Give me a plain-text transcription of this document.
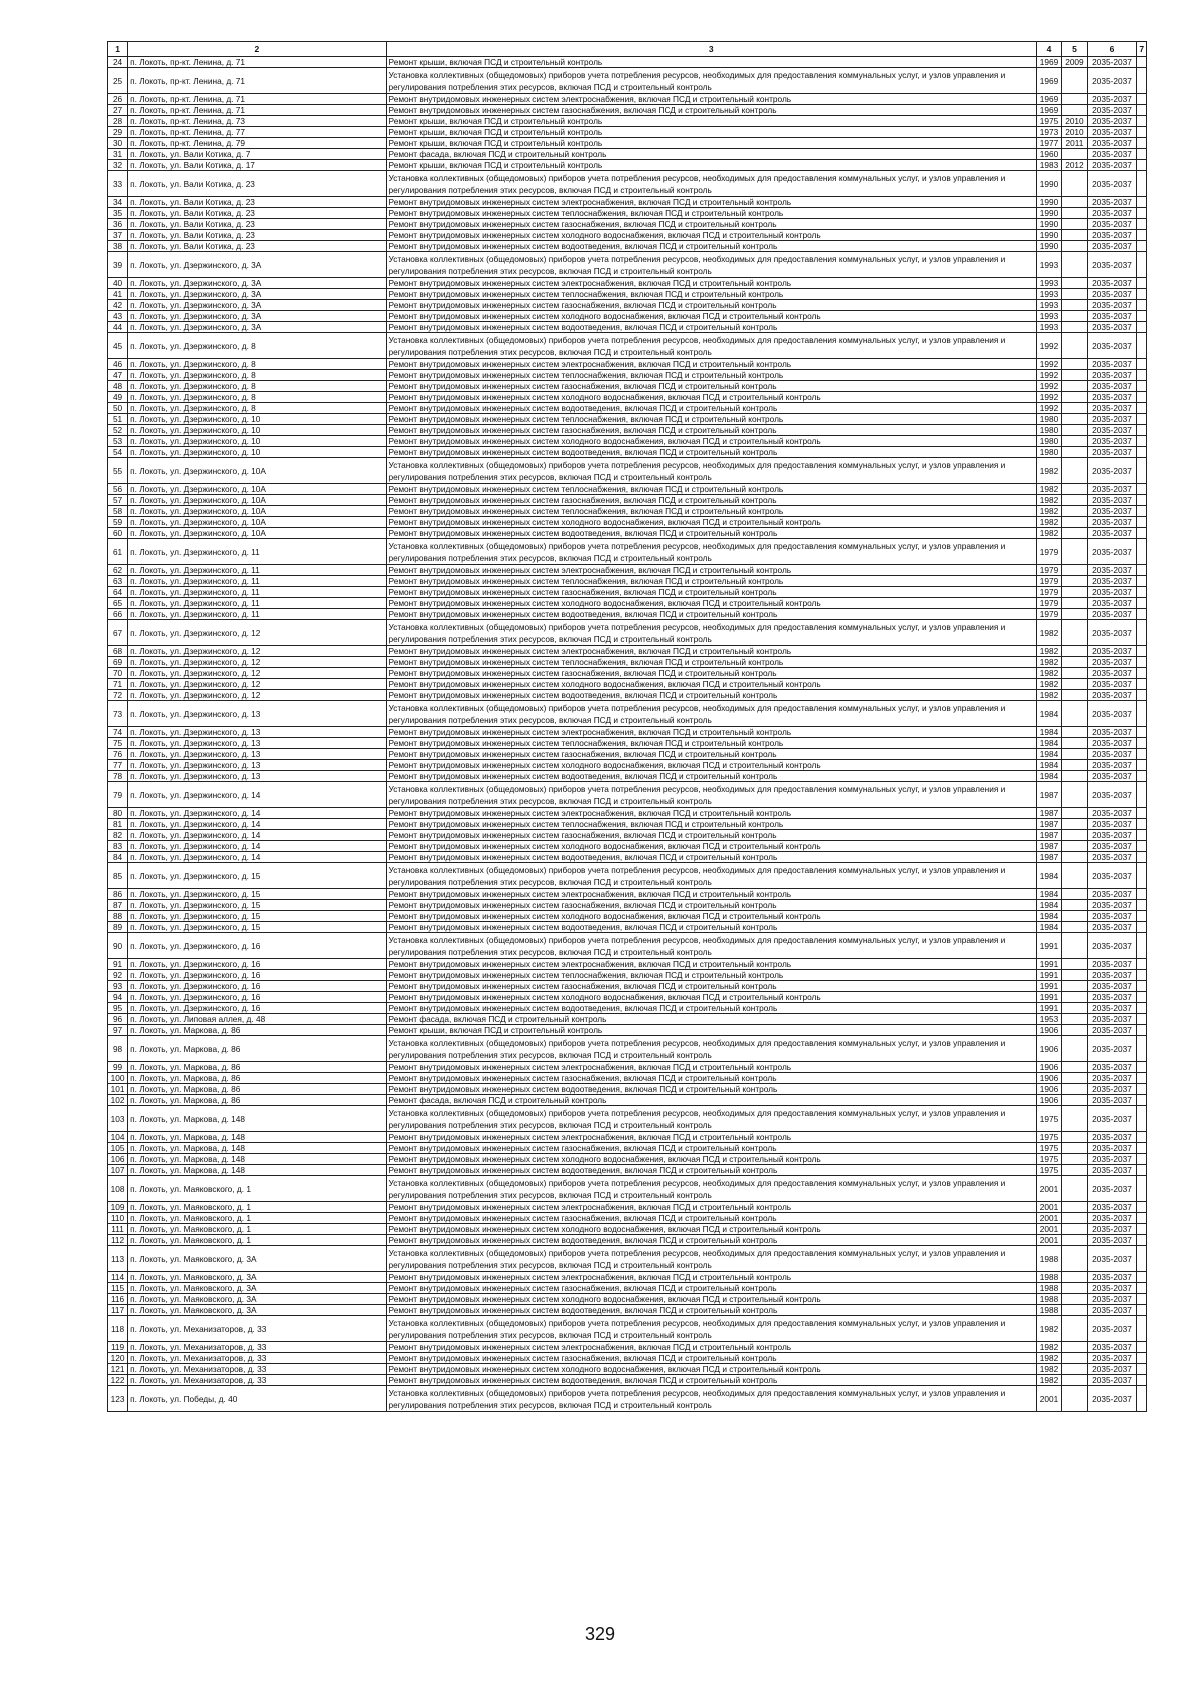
1	2	3	4	5	6	7
24	п. Локоть, пр-кт. Ленина, д. 71	Ремонт крыши, включая ПСД и строительный контроль	1969	2009	2035-2037	
25	п. Локоть, пр-кт. Ленина, д. 71	Установка коллективных (общедомовых) приборов учета потребления ресурсов, необходимых для предоставления коммунальных услуг, и узлов управления и регулирования потребления этих ресурсов, включая ПСД и строительный контроль	1969		2035-2037	
26	п. Локоть, пр-кт. Ленина, д. 71	Ремонт внутридомовых инженерных систем электроснабжения, включая ПСД и строительный контроль	1969		2035-2037	
27	п. Локоть, пр-кт. Ленина, д. 71	Ремонт внутридомовых инженерных систем газоснабжения, включая ПСД и строительный контроль	1969		2035-2037	
28	п. Локоть, пр-кт. Ленина, д. 73	Ремонт крыши, включая ПСД и строительный контроль	1975	2010	2035-2037	
29	п. Локоть, пр-кт. Ленина, д. 77	Ремонт крыши, включая ПСД и строительный контроль	1973	2010	2035-2037	
30	п. Локоть, пр-кт. Ленина, д. 79	Ремонт крыши, включая ПСД и строительный контроль	1977	2011	2035-2037	
31	п. Локоть, ул. Вали Котика, д. 7	Ремонт фасада, включая ПСД и строительный контроль	1960		2035-2037	
32	п. Локоть, ул. Вали Котика, д. 17	Ремонт крыши, включая ПСД и строительный контроль	1983	2012	2035-2037	
33	п. Локоть, ул. Вали Котика, д. 23	Установка коллективных (общедомовых) приборов учета потребления ресурсов, необходимых для предоставления коммунальных услуг, и узлов управления и регулирования потребления этих ресурсов, включая ПСД и строительный контроль	1990		2035-2037	
34	п. Локоть, ул. Вали Котика, д. 23	Ремонт внутридомовых инженерных систем электроснабжения, включая ПСД и строительный контроль	1990		2035-2037	
35	п. Локоть, ул. Вали Котика, д. 23	Ремонт внутридомовых инженерных систем теплоснабжения, включая ПСД и строительный контроль	1990		2035-2037	
36	п. Локоть, ул. Вали Котика, д. 23	Ремонт внутридомовых инженерных систем газоснабжения, включая ПСД и строительный контроль	1990		2035-2037	
37	п. Локоть, ул. Вали Котика, д. 23	Ремонт внутридомовых инженерных систем холодного водоснабжения, включая ПСД и строительный контроль	1990		2035-2037	
38	п. Локоть, ул. Вали Котика, д. 23	Ремонт внутридомовых инженерных систем водоотведения, включая ПСД и строительный контроль	1990		2035-2037	
39	п. Локоть, ул. Дзержинского, д. 3А	Установка коллективных (общедомовых) приборов учета потребления ресурсов, необходимых для предоставления коммунальных услуг, и узлов управления и регулирования потребления этих ресурсов, включая ПСД и строительный контроль	1993		2035-2037	
40	п. Локоть, ул. Дзержинского, д. 3А	Ремонт внутридомовых инженерных систем электроснабжения, включая ПСД и строительный контроль	1993		2035-2037	
41	п. Локоть, ул. Дзержинского, д. 3А	Ремонт внутридомовых инженерных систем теплоснабжения, включая ПСД и строительный контроль	1993		2035-2037	
42	п. Локоть, ул. Дзержинского, д. 3А	Ремонт внутридомовых инженерных систем газоснабжения, включая ПСД и строительный контроль	1993		2035-2037	
43	п. Локоть, ул. Дзержинского, д. 3А	Ремонт внутридомовых инженерных систем холодного водоснабжения, включая ПСД и строительный контроль	1993		2035-2037	
44	п. Локоть, ул. Дзержинского, д. 3А	Ремонт внутридомовых инженерных систем водоотведения, включая ПСД и строительный контроль	1993		2035-2037	
45	п. Локоть, ул. Дзержинского, д. 8	Установка коллективных (общедомовых) приборов учета потребления ресурсов, необходимых для предоставления коммунальных услуг, и узлов управления и регулирования потребления этих ресурсов, включая ПСД и строительный контроль	1992		2035-2037	
46	п. Локоть, ул. Дзержинского, д. 8	Ремонт внутридомовых инженерных систем электроснабжения, включая ПСД и строительный контроль	1992		2035-2037	
47	п. Локоть, ул. Дзержинского, д. 8	Ремонт внутридомовых инженерных систем теплоснабжения, включая ПСД и строительный контроль	1992		2035-2037	
48	п. Локоть, ул. Дзержинского, д. 8	Ремонт внутридомовых инженерных систем газоснабжения, включая ПСД и строительный контроль	1992		2035-2037	
49	п. Локоть, ул. Дзержинского, д. 8	Ремонт внутридомовых инженерных систем холодного водоснабжения, включая ПСД и строительный контроль	1992		2035-2037	
50	п. Локоть, ул. Дзержинского, д. 8	Ремонт внутридомовых инженерных систем водоотведения, включая ПСД и строительный контроль	1992		2035-2037	
51	п. Локоть, ул. Дзержинского, д. 10	Ремонт внутридомовых инженерных систем теплоснабжения, включая ПСД и строительный контроль	1980		2035-2037	
52	п. Локоть, ул. Дзержинского, д. 10	Ремонт внутридомовых инженерных систем газоснабжения, включая ПСД и строительный контроль	1980		2035-2037	
53	п. Локоть, ул. Дзержинского, д. 10	Ремонт внутридомовых инженерных систем холодного водоснабжения, включая ПСД и строительный контроль	1980		2035-2037	
54	п. Локоть, ул. Дзержинского, д. 10	Ремонт внутридомовых инженерных систем водоотведения, включая ПСД и строительный контроль	1980		2035-2037	
55	п. Локоть, ул. Дзержинского, д. 10А	Установка коллективных (общедомовых) приборов учета потребления ресурсов, необходимых для предоставления коммунальных услуг, и узлов управления и регулирования потребления этих ресурсов, включая ПСД и строительный контроль	1982		2035-2037	
56	п. Локоть, ул. Дзержинского, д. 10А	Ремонт внутридомовых инженерных систем теплоснабжения, включая ПСД и строительный контроль	1982		2035-2037	
57	п. Локоть, ул. Дзержинского, д. 10А	Ремонт внутридомовых инженерных систем газоснабжения, включая ПСД и строительный контроль	1982		2035-2037	
58	п. Локоть, ул. Дзержинского, д. 10А	Ремонт внутридомовых инженерных систем теплоснабжения, включая ПСД и строительный контроль	1982		2035-2037	
59	п. Локоть, ул. Дзержинского, д. 10А	Ремонт внутридомовых инженерных систем холодного водоснабжения, включая ПСД и строительный контроль	1982		2035-2037	
60	п. Локоть, ул. Дзержинского, д. 10А	Ремонт внутридомовых инженерных систем водоотведения, включая ПСД и строительный контроль	1982		2035-2037	
61	п. Локоть, ул. Дзержинского, д. 11	Установка коллективных (общедомовых) приборов учета потребления ресурсов, необходимых для предоставления коммунальных услуг, и узлов управления и регулирования потребления этих ресурсов, включая ПСД и строительный контроль	1979		2035-2037	
62	п. Локоть, ул. Дзержинского, д. 11	Ремонт внутридомовых инженерных систем электроснабжения, включая ПСД и строительный контроль	1979		2035-2037	
63	п. Локоть, ул. Дзержинского, д. 11	Ремонт внутридомовых инженерных систем теплоснабжения, включая ПСД и строительный контроль	1979		2035-2037	
64	п. Локоть, ул. Дзержинского, д. 11	Ремонт внутридомовых инженерных систем газоснабжения, включая ПСД и строительный контроль	1979		2035-2037	
65	п. Локоть, ул. Дзержинского, д. 11	Ремонт внутридомовых инженерных систем холодного водоснабжения, включая ПСД и строительный контроль	1979		2035-2037	
66	п. Локоть, ул. Дзержинского, д. 11	Ремонт внутридомовых инженерных систем водоотведения, включая ПСД и строительный контроль	1979		2035-2037	
67	п. Локоть, ул. Дзержинского, д. 12	Установка коллективных (общедомовых) приборов учета потребления ресурсов, необходимых для предоставления коммунальных услуг, и узлов управления и регулирования потребления этих ресурсов, включая ПСД и строительный контроль	1982		2035-2037	
68	п. Локоть, ул. Дзержинского, д. 12	Ремонт внутридомовых инженерных систем электроснабжения, включая ПСД и строительный контроль	1982		2035-2037	
69	п. Локоть, ул. Дзержинского, д. 12	Ремонт внутридомовых инженерных систем теплоснабжения, включая ПСД и строительный контроль	1982		2035-2037	
70	п. Локоть, ул. Дзержинского, д. 12	Ремонт внутридомовых инженерных систем газоснабжения, включая ПСД и строительный контроль	1982		2035-2037	
71	п. Локоть, ул. Дзержинского, д. 12	Ремонт внутридомовых инженерных систем холодного водоснабжения, включая ПСД и строительный контроль	1982		2035-2037	
72	п. Локоть, ул. Дзержинского, д. 12	Ремонт внутридомовых инженерных систем водоотведения, включая ПСД и строительный контроль	1982		2035-2037	
73	п. Локоть, ул. Дзержинского, д. 13	Установка коллективных (общедомовых) приборов учета потребления ресурсов, необходимых для предоставления коммунальных услуг, и узлов управления и регулирования потребления этих ресурсов, включая ПСД и строительный контроль	1984		2035-2037	
74	п. Локоть, ул. Дзержинского, д. 13	Ремонт внутридомовых инженерных систем электроснабжения, включая ПСД и строительный контроль	1984		2035-2037	
75	п. Локоть, ул. Дзержинского, д. 13	Ремонт внутридомовых инженерных систем теплоснабжения, включая ПСД и строительный контроль	1984		2035-2037	
76	п. Локоть, ул. Дзержинского, д. 13	Ремонт внутридомовых инженерных систем газоснабжения, включая ПСД и строительный контроль	1984		2035-2037	
77	п. Локоть, ул. Дзержинского, д. 13	Ремонт внутридомовых инженерных систем холодного водоснабжения, включая ПСД и строительный контроль	1984		2035-2037	
78	п. Локоть, ул. Дзержинского, д. 13	Ремонт внутридомовых инженерных систем водоотведения, включая ПСД и строительный контроль	1984		2035-2037	
79	п. Локоть, ул. Дзержинского, д. 14	Установка коллективных (общедомовых) приборов учета потребления ресурсов, необходимых для предоставления коммунальных услуг, и узлов управления и регулирования потребления этих ресурсов, включая ПСД и строительный контроль	1987		2035-2037	
80	п. Локоть, ул. Дзержинского, д. 14	Ремонт внутридомовых инженерных систем электроснабжения, включая ПСД и строительный контроль	1987		2035-2037	
81	п. Локоть, ул. Дзержинского, д. 14	Ремонт внутридомовых инженерных систем теплоснабжения, включая ПСД и строительный контроль	1987		2035-2037	
82	п. Локоть, ул. Дзержинского, д. 14	Ремонт внутридомовых инженерных систем газоснабжения, включая ПСД и строительный контроль	1987		2035-2037	
83	п. Локоть, ул. Дзержинского, д. 14	Ремонт внутридомовых инженерных систем холодного водоснабжения, включая ПСД и строительный контроль	1987		2035-2037	
84	п. Локоть, ул. Дзержинского, д. 14	Ремонт внутридомовых инженерных систем водоотведения, включая ПСД и строительный контроль	1987		2035-2037	
85	п. Локоть, ул. Дзержинского, д. 15	Установка коллективных (общедомовых) приборов учета потребления ресурсов, необходимых для предоставления коммунальных услуг, и узлов управления и регулирования потребления этих ресурсов, включая ПСД и строительный контроль	1984		2035-2037	
86	п. Локоть, ул. Дзержинского, д. 15	Ремонт внутридомовых инженерных систем электроснабжения, включая ПСД и строительный контроль	1984		2035-2037	
87	п. Локоть, ул. Дзержинского, д. 15	Ремонт внутридомовых инженерных систем газоснабжения, включая ПСД и строительный контроль	1984		2035-2037	
88	п. Локоть, ул. Дзержинского, д. 15	Ремонт внутридомовых инженерных систем холодного водоснабжения, включая ПСД и строительный контроль	1984		2035-2037	
89	п. Локоть, ул. Дзержинского, д. 15	Ремонт внутридомовых инженерных систем водоотведения, включая ПСД и строительный контроль	1984		2035-2037	
90	п. Локоть, ул. Дзержинского, д. 16	Установка коллективных (общедомовых) приборов учета потребления ресурсов, необходимых для предоставления коммунальных услуг, и узлов управления и регулирования потребления этих ресурсов, включая ПСД и строительный контроль	1991		2035-2037	
91	п. Локоть, ул. Дзержинского, д. 16	Ремонт внутридомовых инженерных систем электроснабжения, включая ПСД и строительный контроль	1991		2035-2037	
92	п. Локоть, ул. Дзержинского, д. 16	Ремонт внутридомовых инженерных систем теплоснабжения, включая ПСД и строительный контроль	1991		2035-2037	
93	п. Локоть, ул. Дзержинского, д. 16	Ремонт внутридомовых инженерных систем газоснабжения, включая ПСД и строительный контроль	1991		2035-2037	
94	п. Локоть, ул. Дзержинского, д. 16	Ремонт внутридомовых инженерных систем холодного водоснабжения, включая ПСД и строительный контроль	1991		2035-2037	
95	п. Локоть, ул. Дзержинского, д. 16	Ремонт внутридомовых инженерных систем водоотведения, включая ПСД и строительный контроль	1991		2035-2037	
96	п. Локоть, ул. Липовая аллея, д. 48	Ремонт фасада, включая ПСД и строительный контроль	1953		2035-2037	
97	п. Локоть, ул. Маркова, д. 86	Ремонт крыши, включая ПСД и строительный контроль	1906		2035-2037	
98	п. Локоть, ул. Маркова, д. 86	Установка коллективных (общедомовых) приборов учета потребления ресурсов, необходимых для предоставления коммунальных услуг, и узлов управления и регулирования потребления этих ресурсов, включая ПСД и строительный контроль	1906		2035-2037	
99	п. Локоть, ул. Маркова, д. 86	Ремонт внутридомовых инженерных систем электроснабжения, включая ПСД и строительный контроль	1906		2035-2037	
100	п. Локоть, ул. Маркова, д. 86	Ремонт внутридомовых инженерных систем газоснабжения, включая ПСД и строительный контроль	1906		2035-2037	
101	п. Локоть, ул. Маркова, д. 86	Ремонт внутридомовых инженерных систем водоотведения, включая ПСД и строительный контроль	1906		2035-2037	
102	п. Локоть, ул. Маркова, д. 86	Ремонт фасада, включая ПСД и строительный контроль	1906		2035-2037	
103	п. Локоть, ул. Маркова, д. 148	Установка коллективных (общедомовых) приборов учета потребления ресурсов, необходимых для предоставления коммунальных услуг, и узлов управления и регулирования потребления этих ресурсов, включая ПСД и строительный контроль	1975		2035-2037	
104	п. Локоть, ул. Маркова, д. 148	Ремонт внутридомовых инженерных систем электроснабжения, включая ПСД и строительный контроль	1975		2035-2037	
105	п. Локоть, ул. Маркова, д. 148	Ремонт внутридомовых инженерных систем газоснабжения, включая ПСД и строительный контроль	1975		2035-2037	
106	п. Локоть, ул. Маркова, д. 148	Ремонт внутридомовых инженерных систем холодного водоснабжения, включая ПСД и строительный контроль	1975		2035-2037	
107	п. Локоть, ул. Маркова, д. 148	Ремонт внутридомовых инженерных систем водоотведения, включая ПСД и строительный контроль	1975		2035-2037	
108	п. Локоть, ул. Маяковского, д. 1	Установка коллективных (общедомовых) приборов учета потребления ресурсов, необходимых для предоставления коммунальных услуг, и узлов управления и регулирования потребления этих ресурсов, включая ПСД и строительный контроль	2001		2035-2037	
109	п. Локоть, ул. Маяковского, д. 1	Ремонт внутридомовых инженерных систем электроснабжения, включая ПСД и строительный контроль	2001		2035-2037	
110	п. Локоть, ул. Маяковского, д. 1	Ремонт внутридомовых инженерных систем газоснабжения, включая ПСД и строительный контроль	2001		2035-2037	
111	п. Локоть, ул. Маяковского, д. 1	Ремонт внутридомовых инженерных систем холодного водоснабжения, включая ПСД и строительный контроль	2001		2035-2037	
112	п. Локоть, ул. Маяковского, д. 1	Ремонт внутридомовых инженерных систем водоотведения, включая ПСД и строительный контроль	2001		2035-2037	
113	п. Локоть, ул. Маяковского, д. 3А	Установка коллективных (общедомовых) приборов учета потребления ресурсов, необходимых для предоставления коммунальных услуг, и узлов управления и регулирования потребления этих ресурсов, включая ПСД и строительный контроль	1988		2035-2037	
114	п. Локоть, ул. Маяковского, д. 3А	Ремонт внутридомовых инженерных систем электроснабжения, включая ПСД и строительный контроль	1988		2035-2037	
115	п. Локоть, ул. Маяковского, д. 3А	Ремонт внутридомовых инженерных систем газоснабжения, включая ПСД и строительный контроль	1988		2035-2037	
116	п. Локоть, ул. Маяковского, д. 3А	Ремонт внутридомовых инженерных систем холодного водоснабжения, включая ПСД и строительный контроль	1988		2035-2037	
117	п. Локоть, ул. Маяковского, д. 3А	Ремонт внутридомовых инженерных систем водоотведения, включая ПСД и строительный контроль	1988		2035-2037	
118	п. Локоть, ул. Механизаторов, д. 33	Установка коллективных (общедомовых) приборов учета потребления ресурсов, необходимых для предоставления коммунальных услуг, и узлов управления и регулирования потребления этих ресурсов, включая ПСД и строительный контроль	1982		2035-2037	
119	п. Локоть, ул. Механизаторов, д. 33	Ремонт внутридомовых инженерных систем электроснабжения, включая ПСД и строительный контроль	1982		2035-2037	
120	п. Локоть, ул. Механизаторов, д. 33	Ремонт внутридомовых инженерных систем газоснабжения, включая ПСД и строительный контроль	1982		2035-2037	
121	п. Локоть, ул. Механизаторов, д. 33	Ремонт внутридомовых инженерных систем холодного водоснабжения, включая ПСД и строительный контроль	1982		2035-2037	
122	п. Локоть, ул. Механизаторов, д. 33	Ремонт внутридомовых инженерных систем водоотведения, включая ПСД и строительный контроль	1982		2035-2037	
123	п. Локоть, ул. Победы, д. 40	Установка коллективных (общедомовых) приборов учета потребления ресурсов, необходимых для предоставления коммунальных услуг, и узлов управления и регулирования потребления этих ресурсов, включая ПСД и строительный контроль	2001		2035-2037	
329
